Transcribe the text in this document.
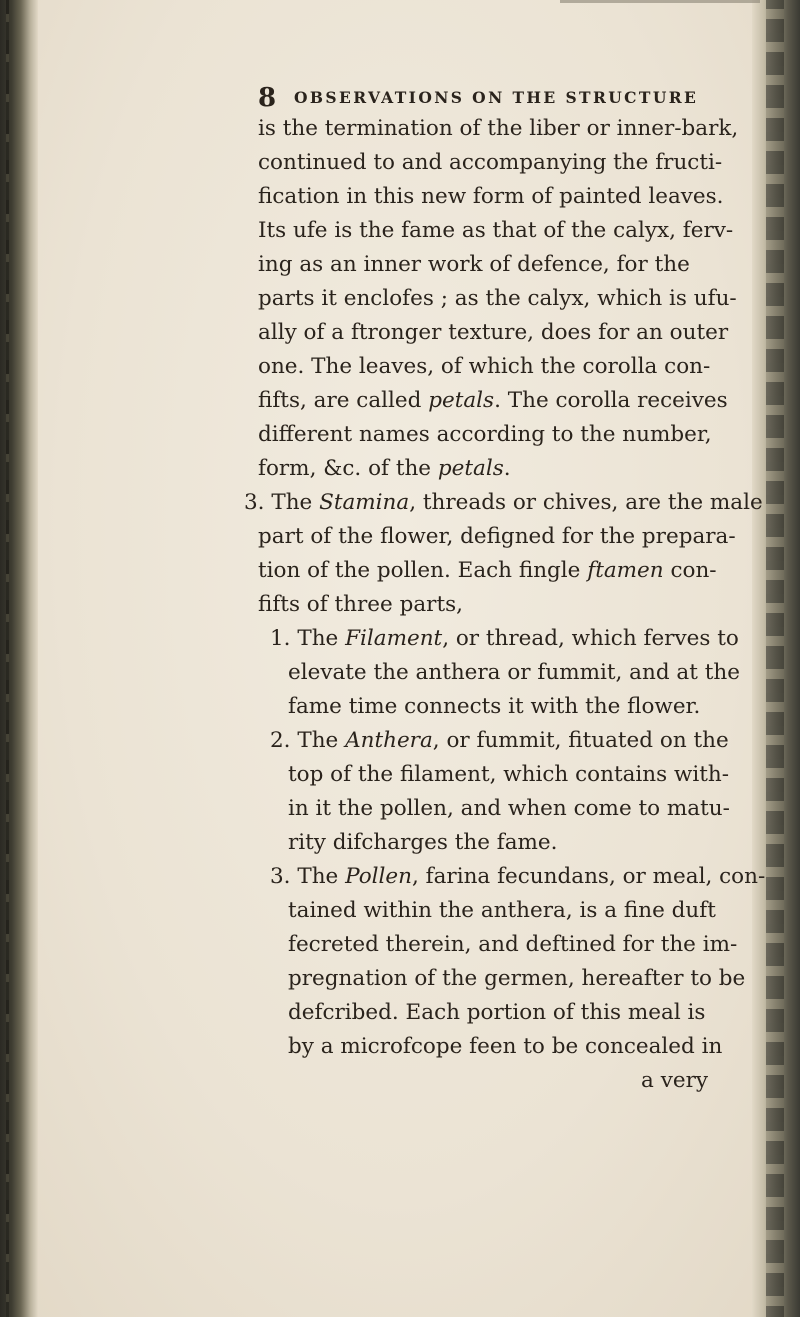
8 OBSERVATIONS ON THE STRUCTURE
is the termination of the liber or inner-bark,
continued to and accompanying the fructi-
fication in this new form of painted leaves.
Its ufe is the fame as that of the calyx, ferv-
ing as an inner work of defence, for the
parts it enclofes ; as the calyx, which is ufu-
ally of a ftronger texture, does for an outer
one. The leaves, of which the corolla con-
fifts, are called petals. The corolla receives
different names according to the number,
form, &c. of the petals.
3. The Stamina, threads or chives, are the male
part of the flower, defigned for the prepara-
tion of the pollen. Each fingle ftamen con-
fifts of three parts,
1. The Filament, or thread, which ferves to
elevate the anthera or fummit, and at the
fame time connects it with the flower.
2. The Anthera, or fummit, fituated on the
top of the filament, which contains with-
in it the pollen, and when come to matu-
rity difcharges the fame.
3. The Pollen, farina fecundans, or meal, con-
tained within the anthera, is a fine duft
fecreted therein, and deftined for the im-
pregnation of the germen, hereafter to be
defcribed. Each portion of this meal is
by a microfcope feen to be concealed in
a very
